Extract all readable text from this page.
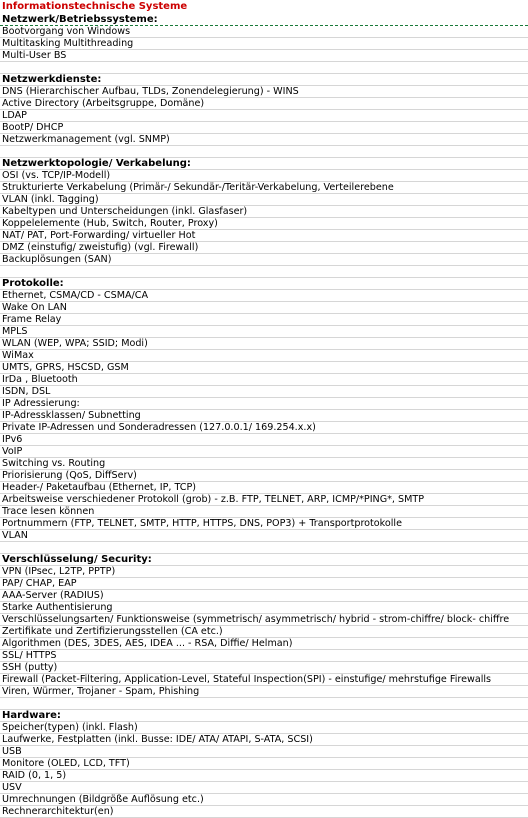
Informationstechnische Systeme
Netzwerk/Betriebssysteme:
Bootvorgang von Windows
Multitasking Multithreading
Multi-User BS
Netzwerkdienste:
DNS (Hierarchischer Aufbau, TLDs, Zonendelegierung) - WINS
Active Directory (Arbeitsgruppe, Domäne)
LDAP
BootP/ DHCP
Netzwerkmanagement (vgl. SNMP)
Netzwerktopologie/ Verkabelung:
OSI (vs. TCP/IP-Modell)
Strukturierte Verkabelung (Primär-/ Sekundär-/Teritär-Verkabelung, Verteilerebene
VLAN (inkl. Tagging)
Kabeltypen und Unterscheidungen (inkl. Glasfaser)
Koppelelemente (Hub, Switch, Router, Proxy)
NAT/ PAT, Port-Forwarding/ virtueller Hot
DMZ (einstufig/ zweistufig) (vgl. Firewall)
Backuplösungen (SAN)
Protokolle:
Ethernet, CSMA/CD - CSMA/CA
Wake On LAN
Frame Relay
MPLS
WLAN (WEP, WPA; SSID; Modi)
WiMax
UMTS, GPRS, HSCSD, GSM
IrDa , Bluetooth
ISDN, DSL
IP Adressierung:
IP-Adressklassen/ Subnetting
Private IP-Adressen und Sonderadressen (127.0.0.1/ 169.254.x.x)
IPv6
VoIP
Switching vs. Routing
Priorisierung (QoS, DiffServ)
Header-/ Paketaufbau (Ethernet, IP, TCP)
Arbeitsweise verschiedener Protokoll (grob) - z.B. FTP, TELNET, ARP, ICMP/*PING*, SMTP
Trace lesen können
Portnummern (FTP, TELNET, SMTP, HTTP, HTTPS, DNS, POP3) + Transportprotokolle
VLAN
Verschlüsselung/ Security:
VPN (IPsec, L2TP, PPTP)
PAP/ CHAP, EAP
AAA-Server (RADIUS)
Starke Authentisierung
Verschlüsselungsarten/ Funktionsweise (symmetrisch/ asymmetrisch/ hybrid - strom-chiffre/ block- chiffre
Zertifikate und Zertifizierungsstellen (CA etc.)
Algorithmen (DES, 3DES, AES, IDEA ... - RSA, Diffie/ Helman)
SSL/ HTTPS
SSH (putty)
Firewall (Packet-Filtering, Application-Level, Stateful Inspection(SPI) - einstufige/ mehrstufige Firewalls
Viren, Würmer, Trojaner - Spam, Phishing
Hardware:
Speicher(typen) (inkl. Flash)
Laufwerke, Festplatten (inkl. Busse: IDE/ ATA/ ATAPI, S-ATA, SCSI)
USB
Monitore (OLED, LCD, TFT)
RAID (0, 1, 5)
USV
Umrechnungen (Bildgröße Auflösung etc.)
Rechnerarchitektur(en)
